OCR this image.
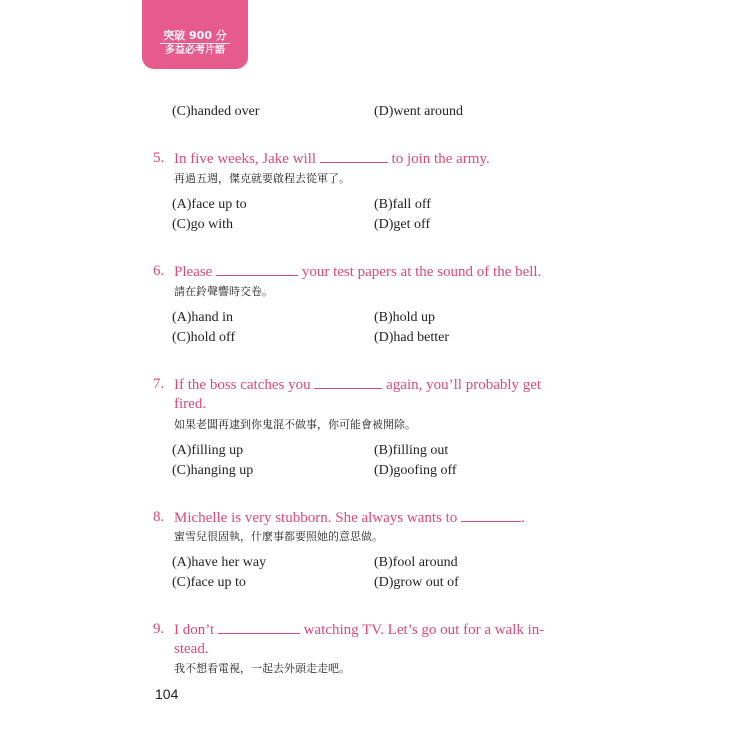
突破 900 分
多益必考片語
(C)handed over	(D)went around
5. In five weeks, Jake will	to join the army.
再過五週，傑克就要啟程去從軍了。
(A)face up to	(B)fall off
(C)go with	(D)get off
6. Please	your test papers at the sound of the bell.
請在鈴聲響時交卷。
(A)hand in	(B)hold up
(C)hold off	(D)had better
7. If the boss catches you	again, you’ll probably get
fired.
如果老闆再逮到你鬼混不做事，你可能會被開除。
(A)filling up	(B)filling out
(C)hanging up	(D)goofing off
8. Michelle is very stubborn. She always wants to	.
蜜雪兒很固執，什麼事都要照她的意思做。
(A)have her way	(B)fool around
(C)face up to	(D)grow out of
9. I don’t	watching TV. Let’s go out for a walk in-
stead.
我不想看電視，一起去外頭走走吧。
104
